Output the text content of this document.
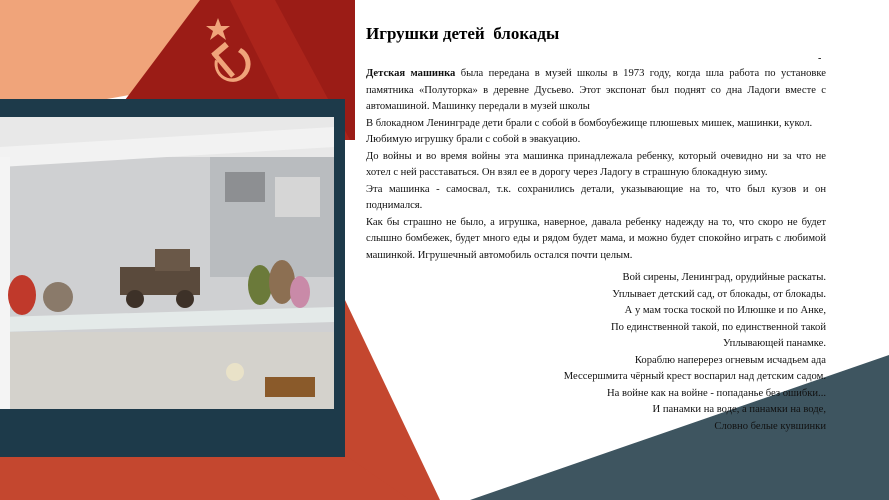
Игрушки детей  блокады
-

Детская машинка была передана в музей школы в 1973 году, когда шла работа по установке памятника «Полуторка» в деревне Дусьево. Этот экспонат был поднят со дна Ладоги вместе с автомашиной. Машинку передали в музей школы

В блокадном Ленинграде дети брали с собой в бомбоубежище плюшевых мишек, машинки, кукол.

Любимую игрушку брали с собой в эвакуацию.

До войны и во время войны эта машинка принадлежала ребенку, который очевидно ни за что не хотел с ней расставаться. Он взял ее в дорогу через Ладогу в страшную блокадную зиму.

Эта машинка - самосвал, т.к. сохранились детали, указывающие на то, что был кузов и он поднимался.

Как бы страшно не было, а игрушка, наверное, давала ребенку надежду на то, что скоро не будет слышно бомбежек, будет много еды и рядом будет мама, и можно будет спокойно играть с любимой машинкой. Игрушечный автомобиль остался почти целым.

Вой сирены, Ленинград, орудийные раскаты.
Уплывает детский сад, от блокады, от блокады.
А у мам тоска тоской по Илюшке и по Анке,
По единственной такой, по единственной такой
Уплывающей панамке.
Кораблю наперерез огневым исчадьем ада
Мессершмита чёрный крест воспарил над детским садом.
На войне как на войне - попаданье без ошибки...
И панамки на воде, а панамки на воде,
Словно белые кувшинки
